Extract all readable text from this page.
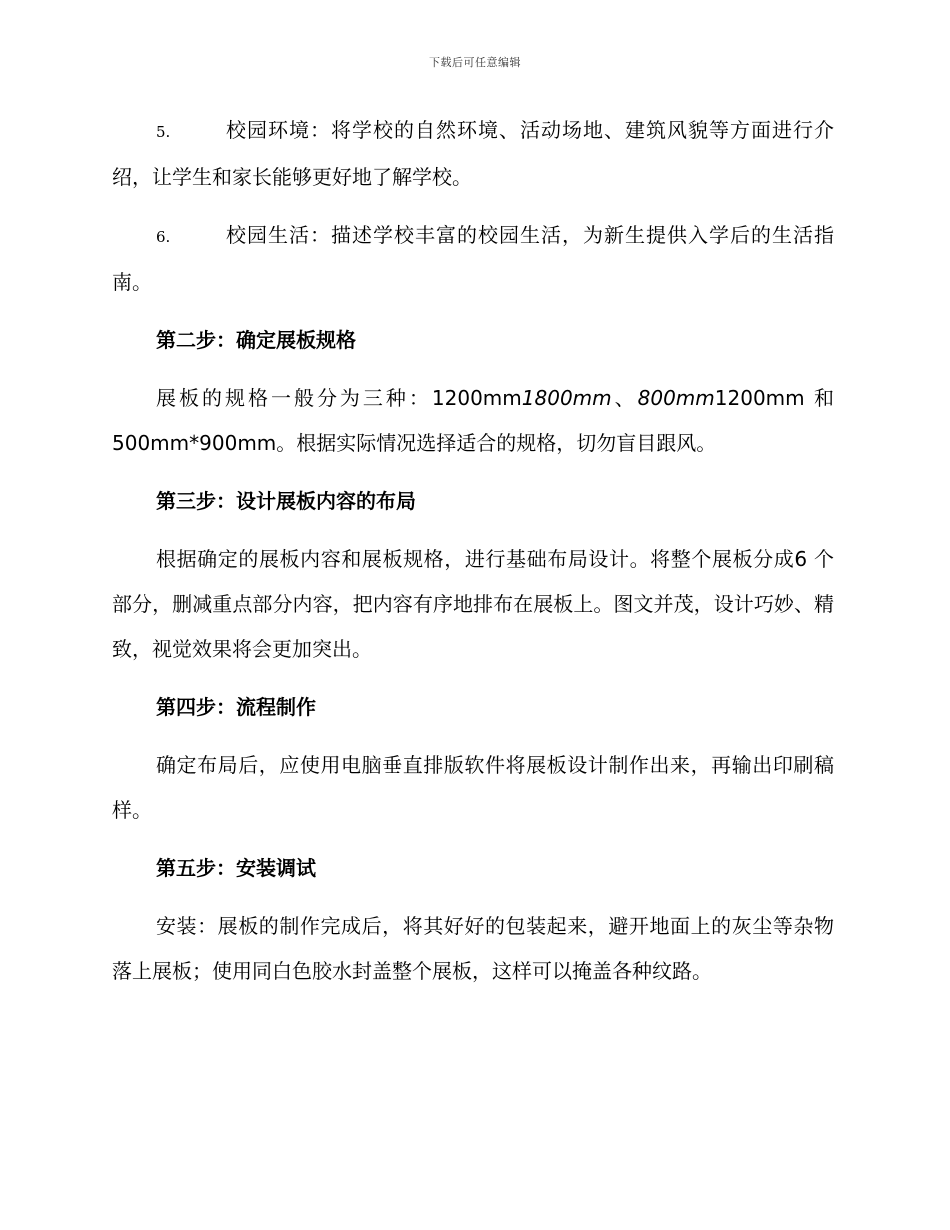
下载后可任意编辑

5.	校园环境：将学校的自然环境、活动场地、建筑风貌等方面进行介绍，让学生和家长能够更好地了解学校。

6.	校园生活：描述学校丰富的校园生活，为新生提供入学后的生活指南。

第二步：确定展板规格

展板的规格一般分为三种：1200mm1800mm、800mm1200mm 和500mm*900mm。根据实际情况选择适合的规格，切勿盲目跟风。

第三步：设计展板内容的布局

根据确定的展板内容和展板规格，进行基础布局设计。将整个展板分成6 个部分，删减重点部分内容，把内容有序地排布在展板上。图文并茂，设计巧妙、精致，视觉效果将会更加突出。

第四步：流程制作

确定布局后，应使用电脑垂直排版软件将展板设计制作出来，再输出印刷稿样。

第五步：安装调试

安装：展板的制作完成后，将其好好的包装起来，避开地面上的灰尘等杂物落上展板；使用同白色胶水封盖整个展板，这样可以掩盖各种纹路。
